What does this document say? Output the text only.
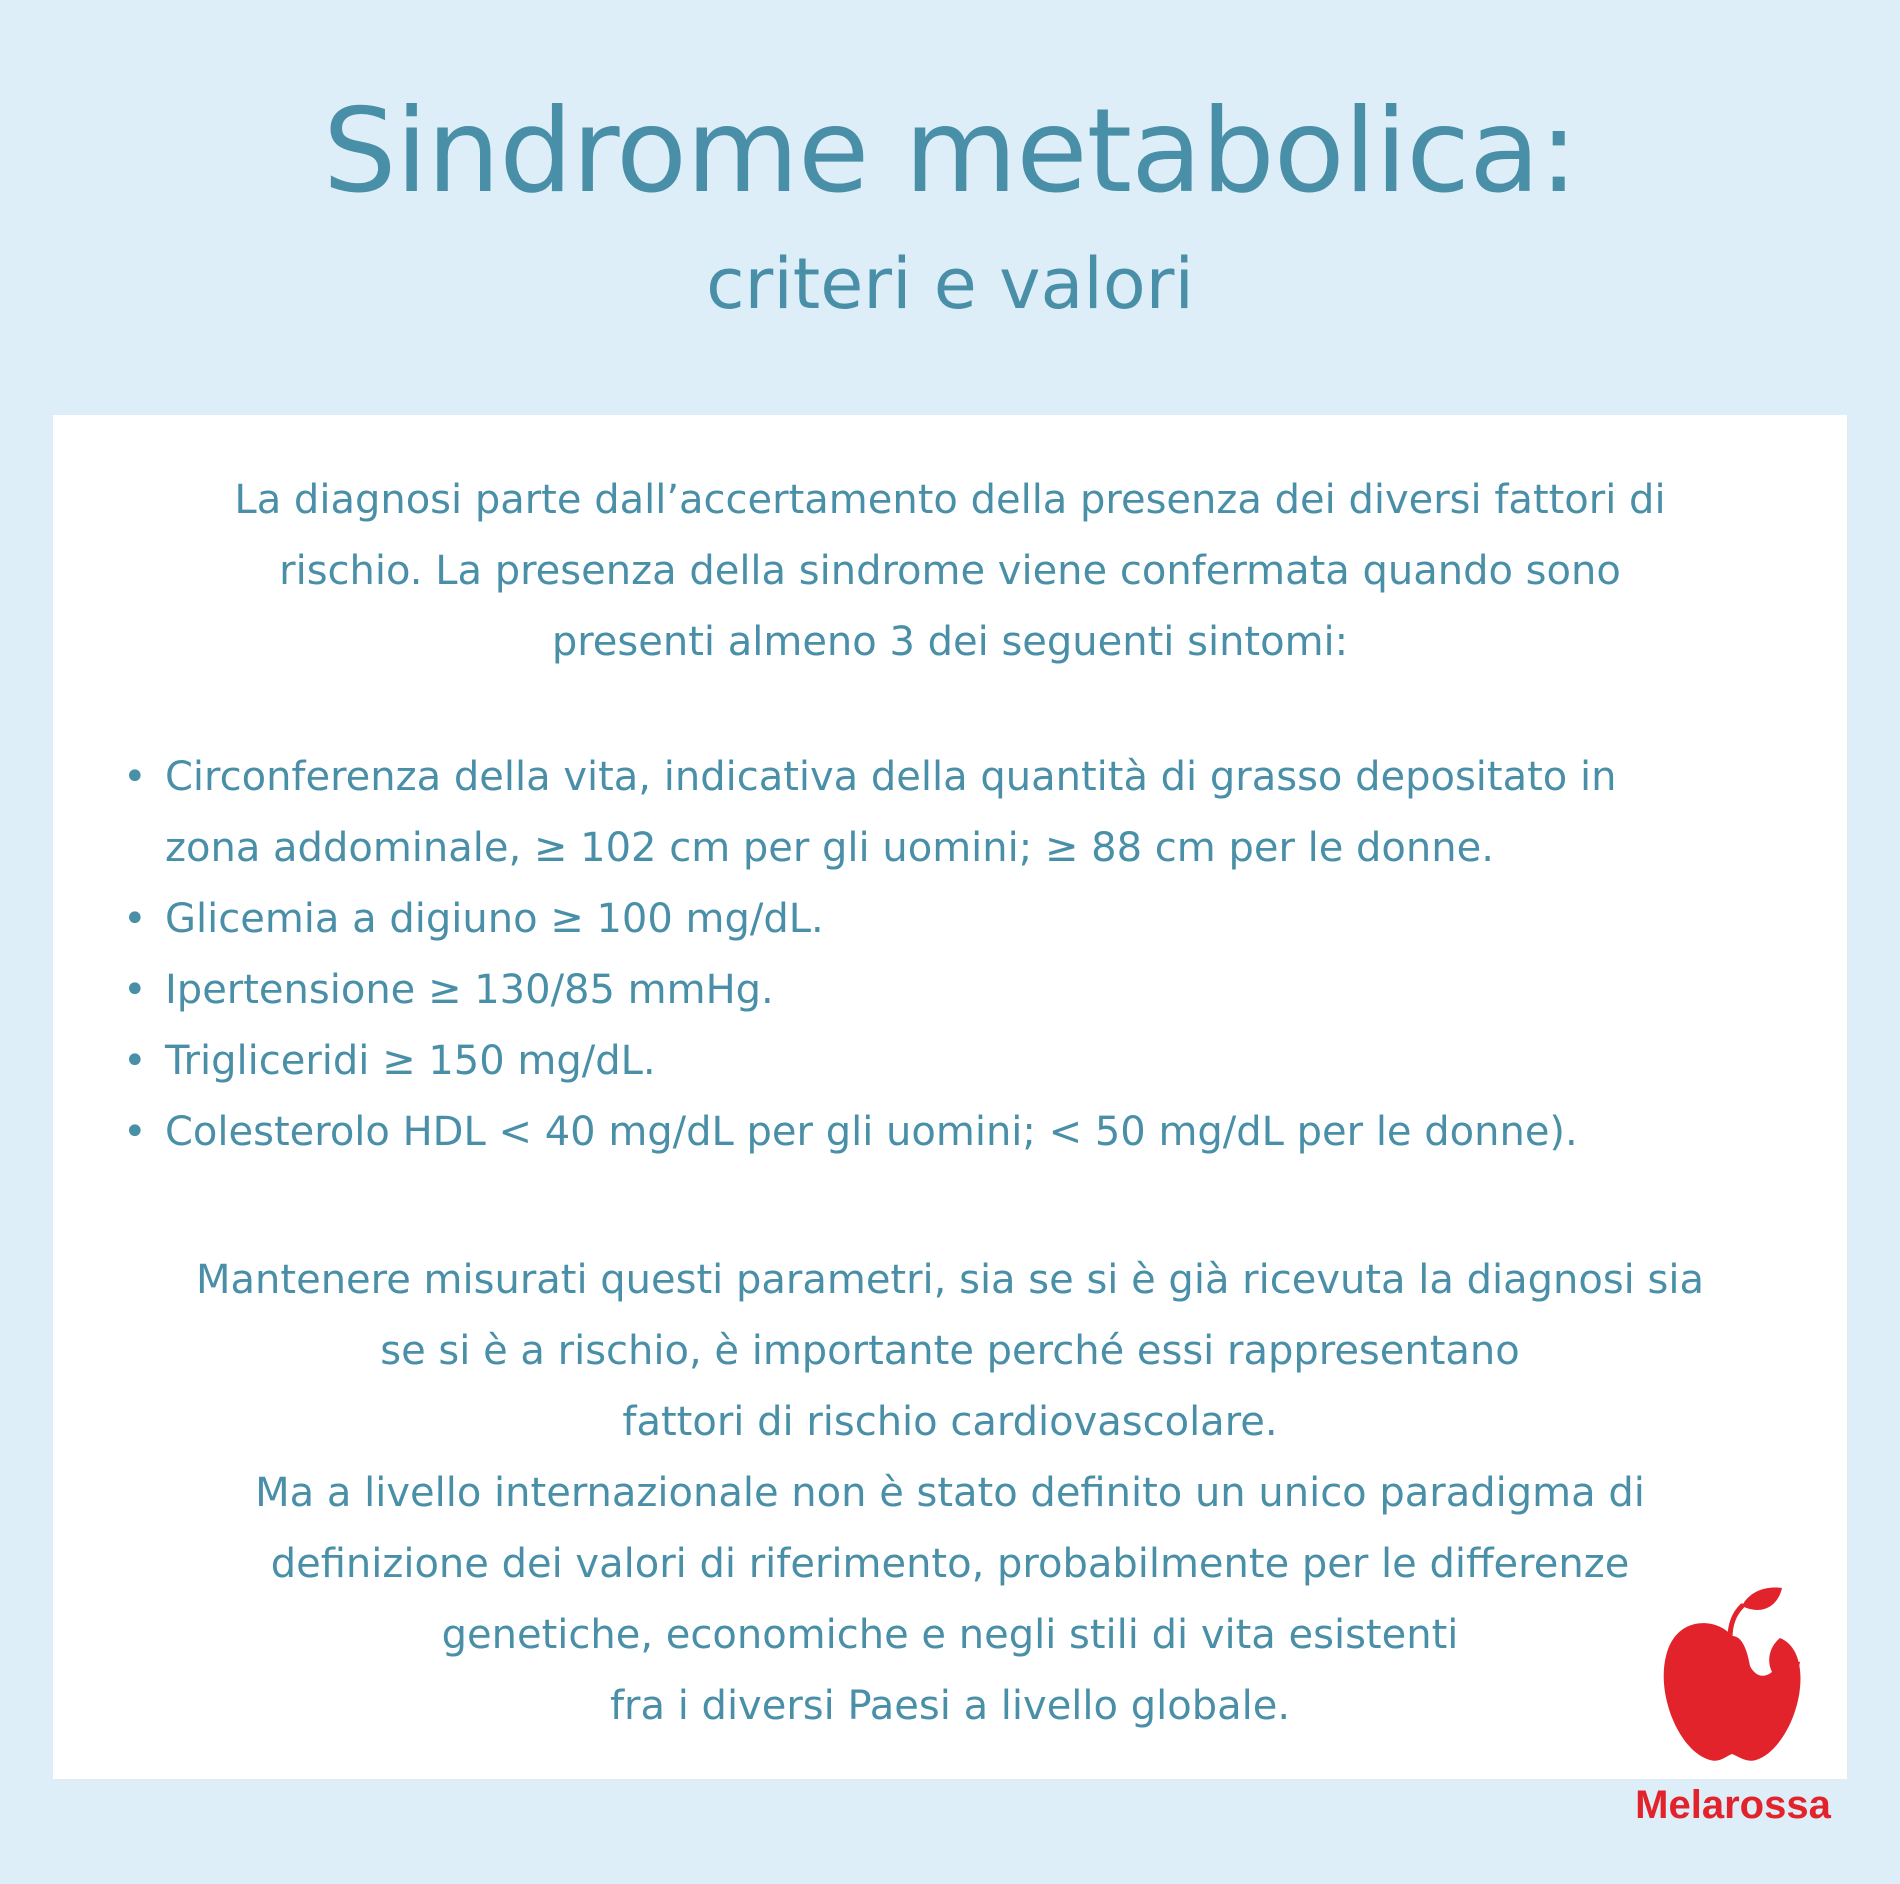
Sindrome metabolica:
criteri e valori
La diagnosi parte dall’accertamento della presenza dei diversi fattori di
rischio. La presenza della sindrome viene confermata quando sono
presenti almeno 3 dei seguenti sintomi:
• Circonferenza della vita, indicativa della quantità di grasso depositato in
zona addominale, ≥ 102 cm per gli uomini; ≥ 88 cm per le donne.
• Glicemia a digiuno ≥ 100 mg/dL.
• Ipertensione ≥ 130/85 mmHg.
• Trigliceridi ≥ 150 mg/dL.
• Colesterolo HDL < 40 mg/dL per gli uomini; < 50 mg/dL per le donne).
Mantenere misurati questi parametri, sia se si è già ricevuta la diagnosi sia
se si è a rischio, è importante perché essi rappresentano
fattori di rischio cardiovascolare.
Ma a livello internazionale non è stato definito un unico paradigma di
definizione dei valori di riferimento, probabilmente per le differenze
genetiche, economiche e negli stili di vita esistenti
fra i diversi Paesi a livello globale.
Melarossa
